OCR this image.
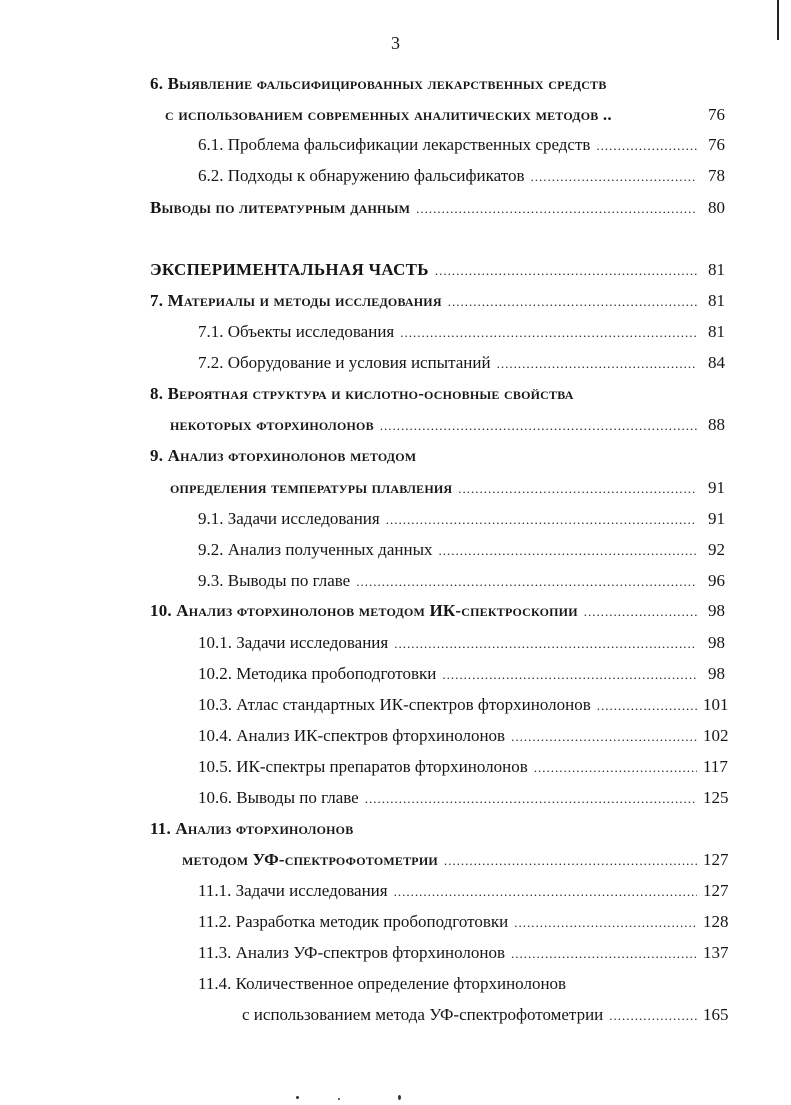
3
6. Выявление фальсифицированных лекарственных средств
с использованием современных аналитических методов ..	76
6.1. Проблема фальсификации лекарственных средств .....	76
6.2. Подходы к обнаружению фальсификатов .....	78
Выводы по литературным данным .....	80
ЭКСПЕРИМЕНТАЛЬНАЯ ЧАСТЬ .....	81
7. Материалы и методы исследования .....	81
7.1. Объекты исследования .....	81
7.2. Оборудование и условия испытаний .....	84
8. Вероятная структура и кислотно-основные свойства
некоторых фторхинолонов .....	88
9. Анализ фторхинолонов методом
определения температуры плавления .....	91
9.1. Задачи исследования .....	91
9.2. Анализ полученных данных .....	92
9.3. Выводы по главе .....	96
10. Анализ фторхинолонов методом ИК-спектроскопии .....	98
10.1. Задачи исследования .....	98
10.2. Методика пробоподготовки .....	98
10.3. Атлас стандартных ИК-спектров фторхинолонов .....	101
10.4. Анализ ИК-спектров фторхинолонов .....	102
10.5. ИК-спектры препаратов фторхинолонов .....	117
10.6. Выводы по главе .....	125
11. Анализ фторхинолонов
методом УФ-спектрофотометрии .....	127
11.1. Задачи исследования .....	127
11.2. Разработка методик пробоподготовки .....	128
11.3. Анализ УФ-спектров фторхинолонов .....	137
11.4. Количественное определение фторхинолонов
с использованием метода УФ-спектрофотометрии .....	165
